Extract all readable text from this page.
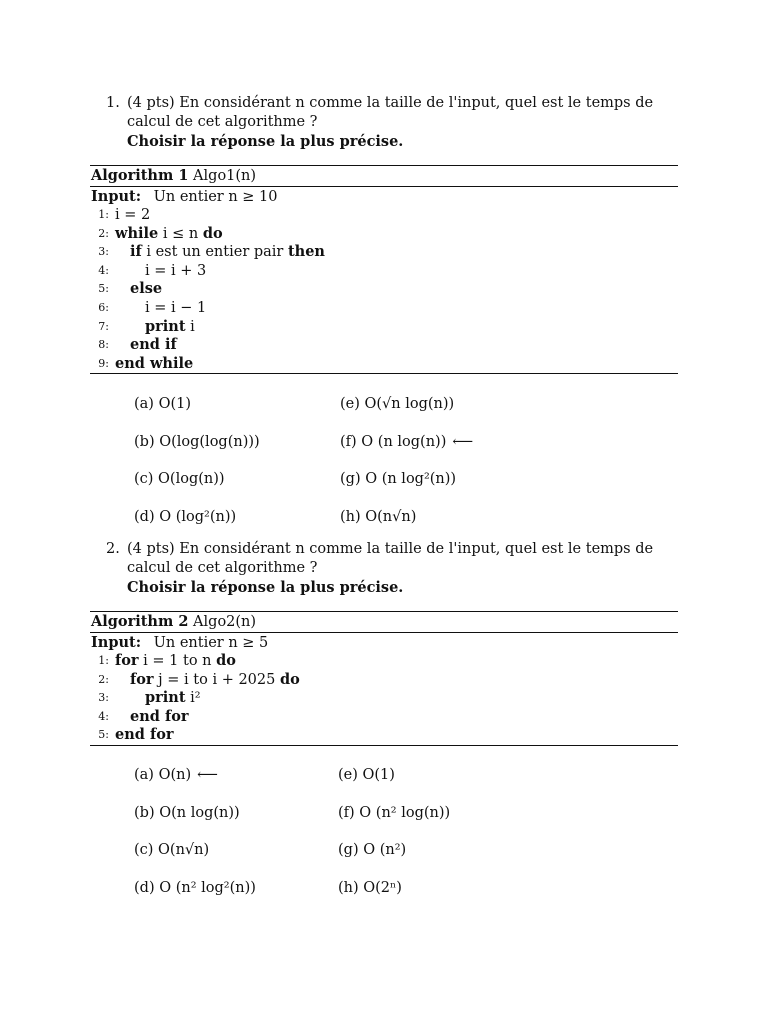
1. (4 pts) En considérant n comme la taille de l'input, quel est le temps de calcul de cet algorithme ?
Choisir la réponse la plus précise.
Algorithm 1 Algo1(n)
Input: Un entier n ≥ 10
1: i = 2
2: while i ≤ n do
3: if i est un entier pair then
4: i = i + 3
5: else
6: i = i − 1
7: print i
8: end if
9: end while
(a) O(1)
(b) O(log(log(n)))
(c) O(log(n))
(d) O (log²(n))
(e) O(√n log(n))
(f) O (n log(n)) ⟵
(g) O (n log²(n))
(h) O(n√n)
2. (4 pts) En considérant n comme la taille de l'input, quel est le temps de calcul de cet algorithme ?
Choisir la réponse la plus précise.
Algorithm 2 Algo2(n)
Input: Un entier n ≥ 5
1: for i = 1 to n do
2: for j = i to i + 2025 do
3: print i²
4: end for
5: end for
(a) O(n) ⟵
(b) O(n log(n))
(c) O(n√n)
(d) O (n² log²(n))
(e) O(1)
(f) O (n² log(n))
(g) O (n²)
(h) O(2ⁿ)
